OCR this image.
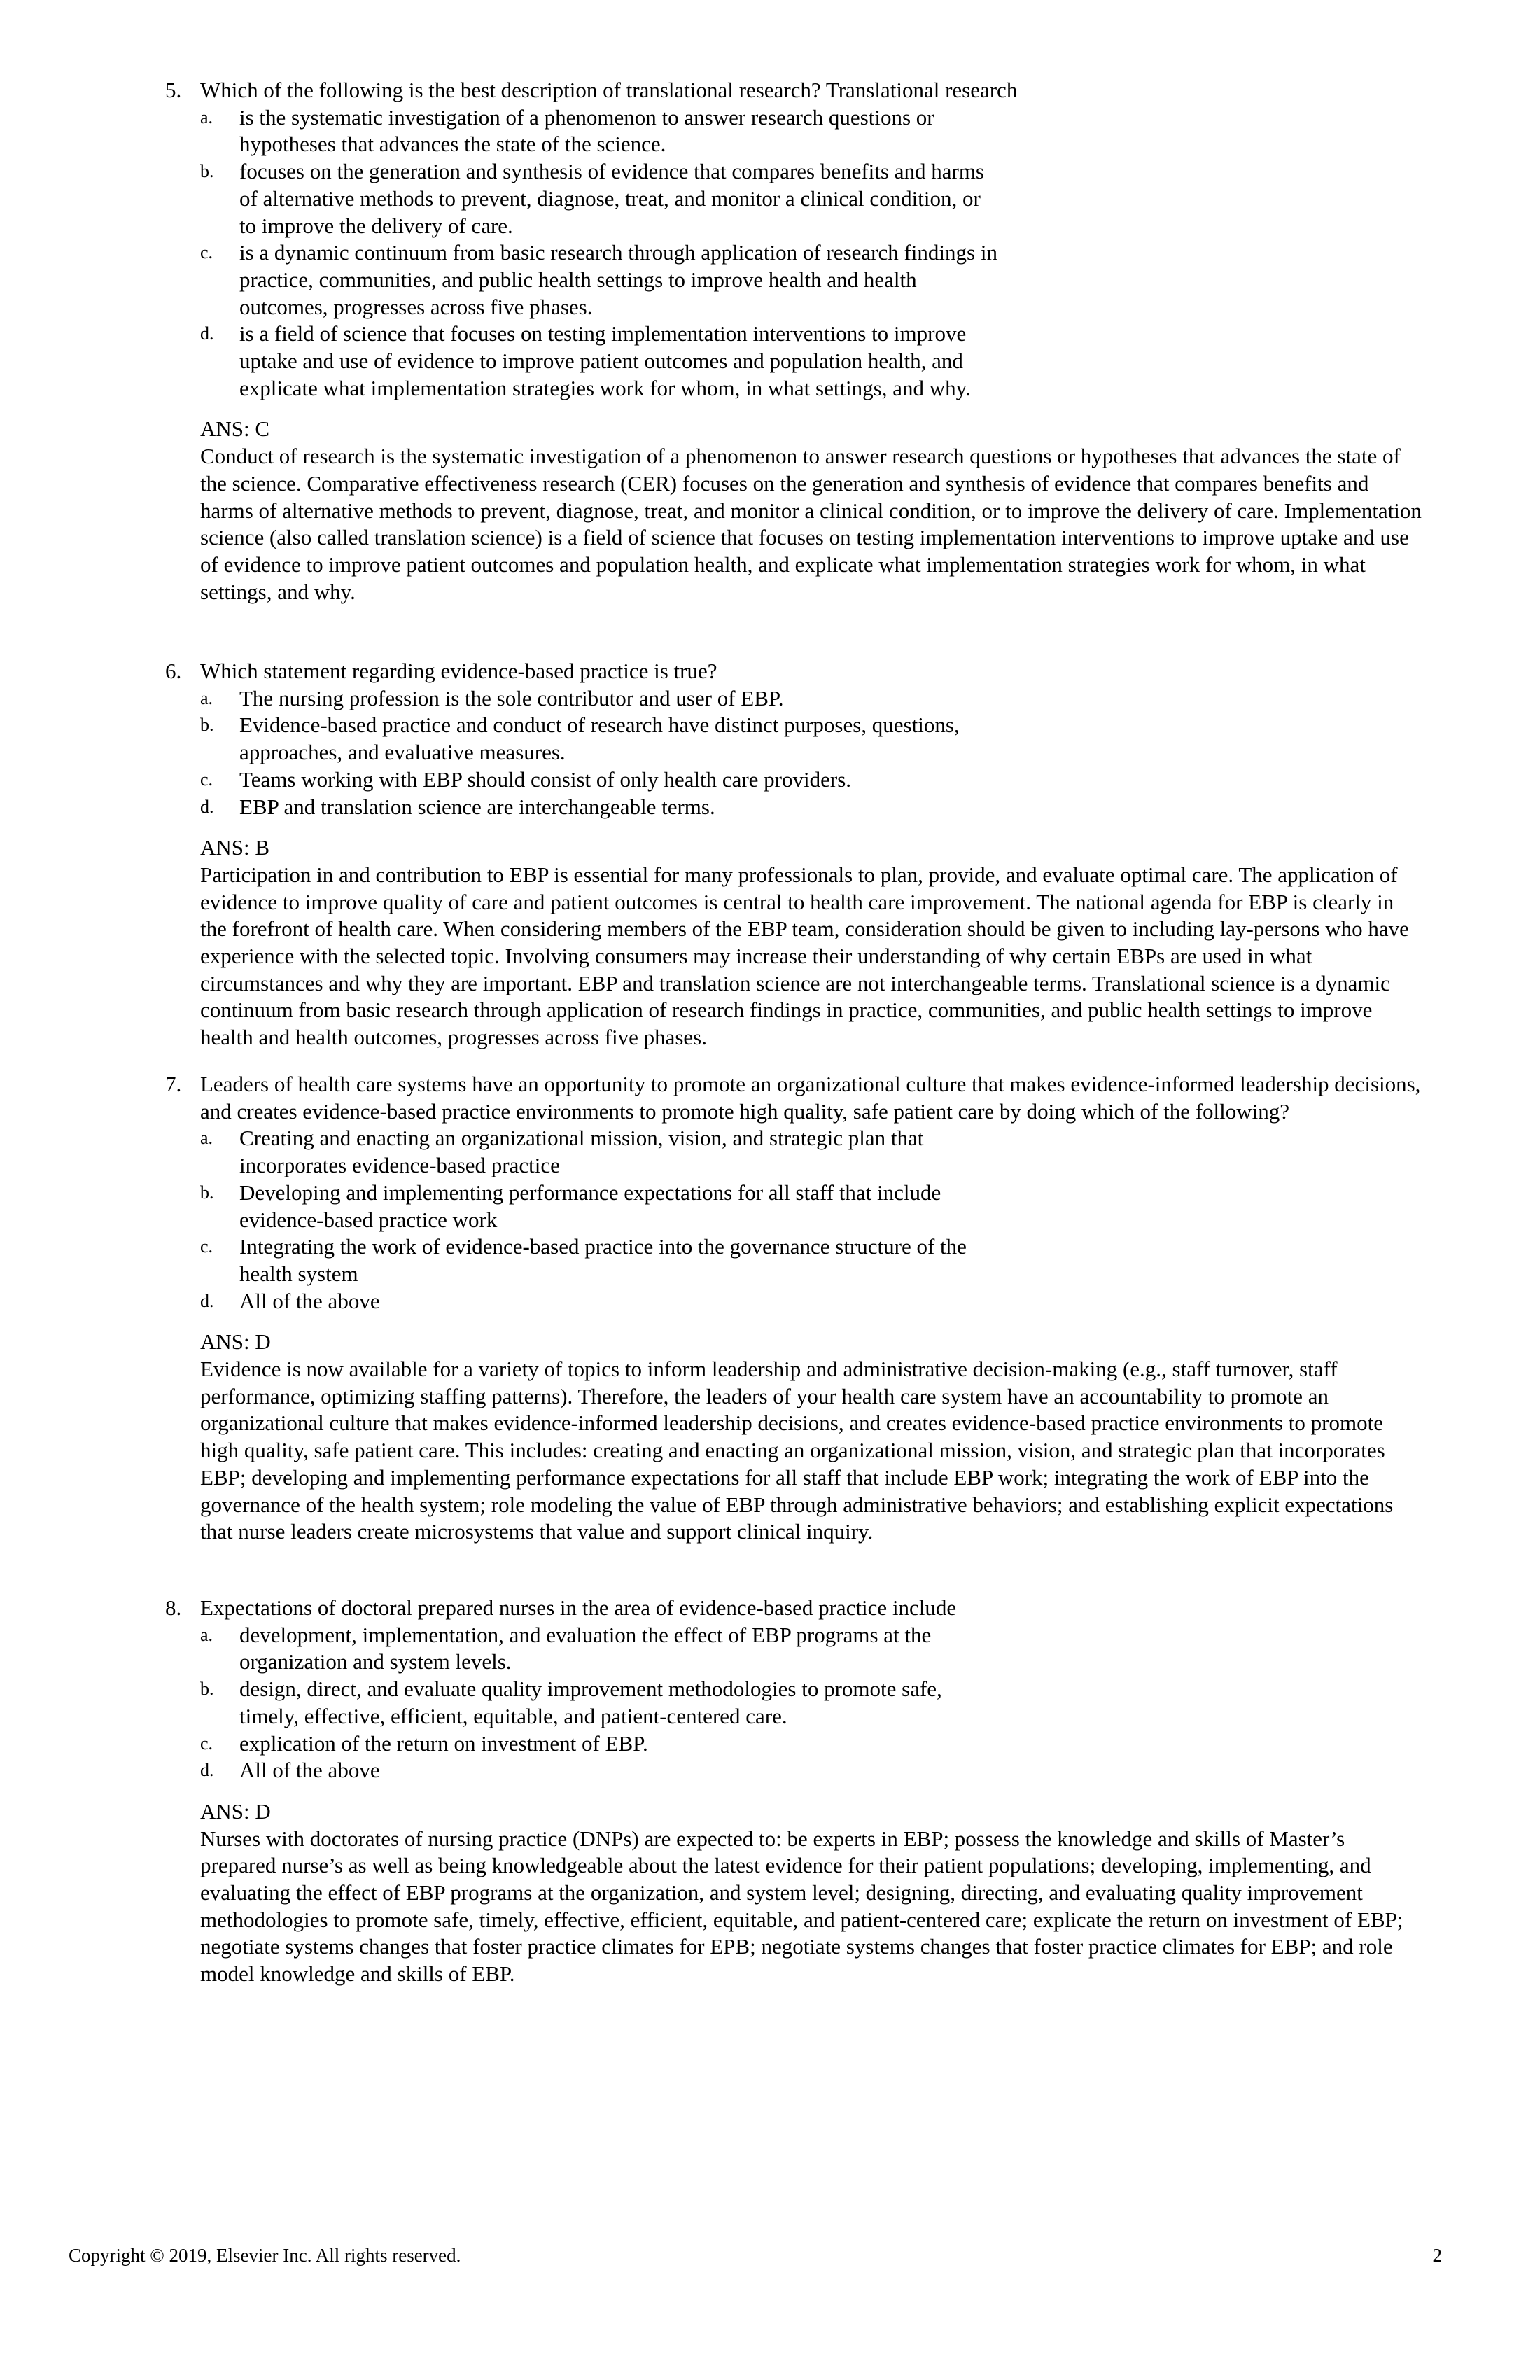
5. Which of the following is the best description of translational research? Translational research
a.	is the systematic investigation of a phenomenon to answer research questions or hypotheses that advances the state of the science.
b.	focuses on the generation and synthesis of evidence that compares benefits and harms of alternative methods to prevent, diagnose, treat, and monitor a clinical condition, or to improve the delivery of care.
c.	is a dynamic continuum from basic research through application of research findings in practice, communities, and public health settings to improve health and health outcomes, progresses across five phases.
d.	is a field of science that focuses on testing implementation interventions to improve uptake and use of evidence to improve patient outcomes and population health, and explicate what implementation strategies work for whom, in what settings, and why.
ANS: C
Conduct of research is the systematic investigation of a phenomenon to answer research questions or hypotheses that advances the state of the science. Comparative effectiveness research (CER) focuses on the generation and synthesis of evidence that compares benefits and harms of alternative methods to prevent, diagnose, treat, and monitor a clinical condition, or to improve the delivery of care. Implementation science (also called translation science) is a field of science that focuses on testing implementation interventions to improve uptake and use of evidence to improve patient outcomes and population health, and explicate what implementation strategies work for whom, in what settings, and why.
6. Which statement regarding evidence-based practice is true?
a.	The nursing profession is the sole contributor and user of EBP.
b.	Evidence-based practice and conduct of research have distinct purposes, questions, approaches, and evaluative measures.
c.	Teams working with EBP should consist of only health care providers.
d.	EBP and translation science are interchangeable terms.
ANS: B
Participation in and contribution to EBP is essential for many professionals to plan, provide, and evaluate optimal care. The application of evidence to improve quality of care and patient outcomes is central to health care improvement. The national agenda for EBP is clearly in the forefront of health care. When considering members of the EBP team, consideration should be given to including lay-persons who have experience with the selected topic. Involving consumers may increase their understanding of why certain EBPs are used in what circumstances and why they are important. EBP and translation science are not interchangeable terms. Translational science is a dynamic continuum from basic research through application of research findings in practice, communities, and public health settings to improve health and health outcomes, progresses across five phases.
7. Leaders of health care systems have an opportunity to promote an organizational culture that makes evidence-informed leadership decisions, and creates evidence-based practice environments to promote high quality, safe patient care by doing which of the following?
a.	Creating and enacting an organizational mission, vision, and strategic plan that incorporates evidence-based practice
b.	Developing and implementing performance expectations for all staff that include evidence-based practice work
c.	Integrating the work of evidence-based practice into the governance structure of the health system
d.	All of the above
ANS: D
Evidence is now available for a variety of topics to inform leadership and administrative decision-making (e.g., staff turnover, staff performance, optimizing staffing patterns). Therefore, the leaders of your health care system have an accountability to promote an organizational culture that makes evidence-informed leadership decisions, and creates evidence-based practice environments to promote high quality, safe patient care. This includes: creating and enacting an organizational mission, vision, and strategic plan that incorporates EBP; developing and implementing performance expectations for all staff that include EBP work; integrating the work of EBP into the governance of the health system; role modeling the value of EBP through administrative behaviors; and establishing explicit expectations that nurse leaders create microsystems that value and support clinical inquiry.
8. Expectations of doctoral prepared nurses in the area of evidence-based practice include
a.	development, implementation, and evaluation the effect of EBP programs at the organization and system levels.
b.	design, direct, and evaluate quality improvement methodologies to promote safe, timely, effective, efficient, equitable, and patient-centered care.
c.	explication of the return on investment of EBP.
d.	All of the above
ANS: D
Nurses with doctorates of nursing practice (DNPs) are expected to: be experts in EBP; possess the knowledge and skills of Master’s prepared nurse’s as well as being knowledgeable about the latest evidence for their patient populations; developing, implementing, and evaluating the effect of EBP programs at the organization, and system level; designing, directing, and evaluating quality improvement methodologies to promote safe, timely, effective, efficient, equitable, and patient-centered care; explicate the return on investment of EBP; negotiate systems changes that foster practice climates for EPB; negotiate systems changes that foster practice climates for EBP; and role model knowledge and skills of EBP.
Copyright © 2019, Elsevier Inc. All rights reserved.	2
